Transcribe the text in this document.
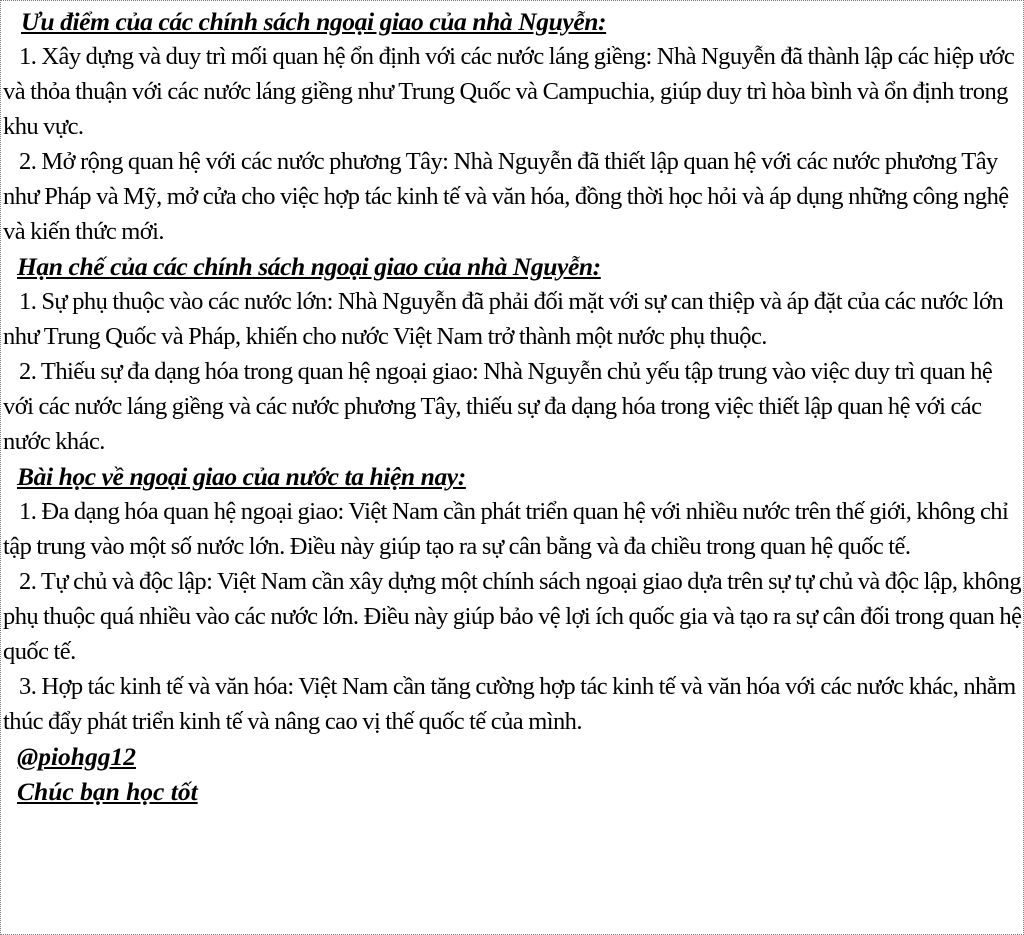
Ưu điểm của các chính sách ngoại giao của nhà Nguyễn:
1. Xây dựng và duy trì mối quan hệ ổn định với các nước láng giềng: Nhà Nguyễn đã thành lập các hiệp ước và thỏa thuận với các nước láng giềng như Trung Quốc và Campuchia, giúp duy trì hòa bình và ổn định trong khu vực.
2. Mở rộng quan hệ với các nước phương Tây: Nhà Nguyễn đã thiết lập quan hệ với các nước phương Tây như Pháp và Mỹ, mở cửa cho việc hợp tác kinh tế và văn hóa, đồng thời học hỏi và áp dụng những công nghệ và kiến thức mới.
Hạn chế của các chính sách ngoại giao của nhà Nguyễn:
1. Sự phụ thuộc vào các nước lớn: Nhà Nguyễn đã phải đối mặt với sự can thiệp và áp đặt của các nước lớn như Trung Quốc và Pháp, khiến cho nước Việt Nam trở thành một nước phụ thuộc.
2. Thiếu sự đa dạng hóa trong quan hệ ngoại giao: Nhà Nguyễn chủ yếu tập trung vào việc duy trì quan hệ với các nước láng giềng và các nước phương Tây, thiếu sự đa dạng hóa trong việc thiết lập quan hệ với các nước khác.
Bài học về ngoại giao của nước ta hiện nay:
1. Đa dạng hóa quan hệ ngoại giao: Việt Nam cần phát triển quan hệ với nhiều nước trên thế giới, không chỉ tập trung vào một số nước lớn. Điều này giúp tạo ra sự cân bằng và đa chiều trong quan hệ quốc tế.
2. Tự chủ và độc lập: Việt Nam cần xây dựng một chính sách ngoại giao dựa trên sự tự chủ và độc lập, không phụ thuộc quá nhiều vào các nước lớn. Điều này giúp bảo vệ lợi ích quốc gia và tạo ra sự cân đối trong quan hệ quốc tế.
3. Hợp tác kinh tế và văn hóa: Việt Nam cần tăng cường hợp tác kinh tế và văn hóa với các nước khác, nhằm thúc đẩy phát triển kinh tế và nâng cao vị thế quốc tế của mình.
@piohgg12
Chúc bạn học tốt
